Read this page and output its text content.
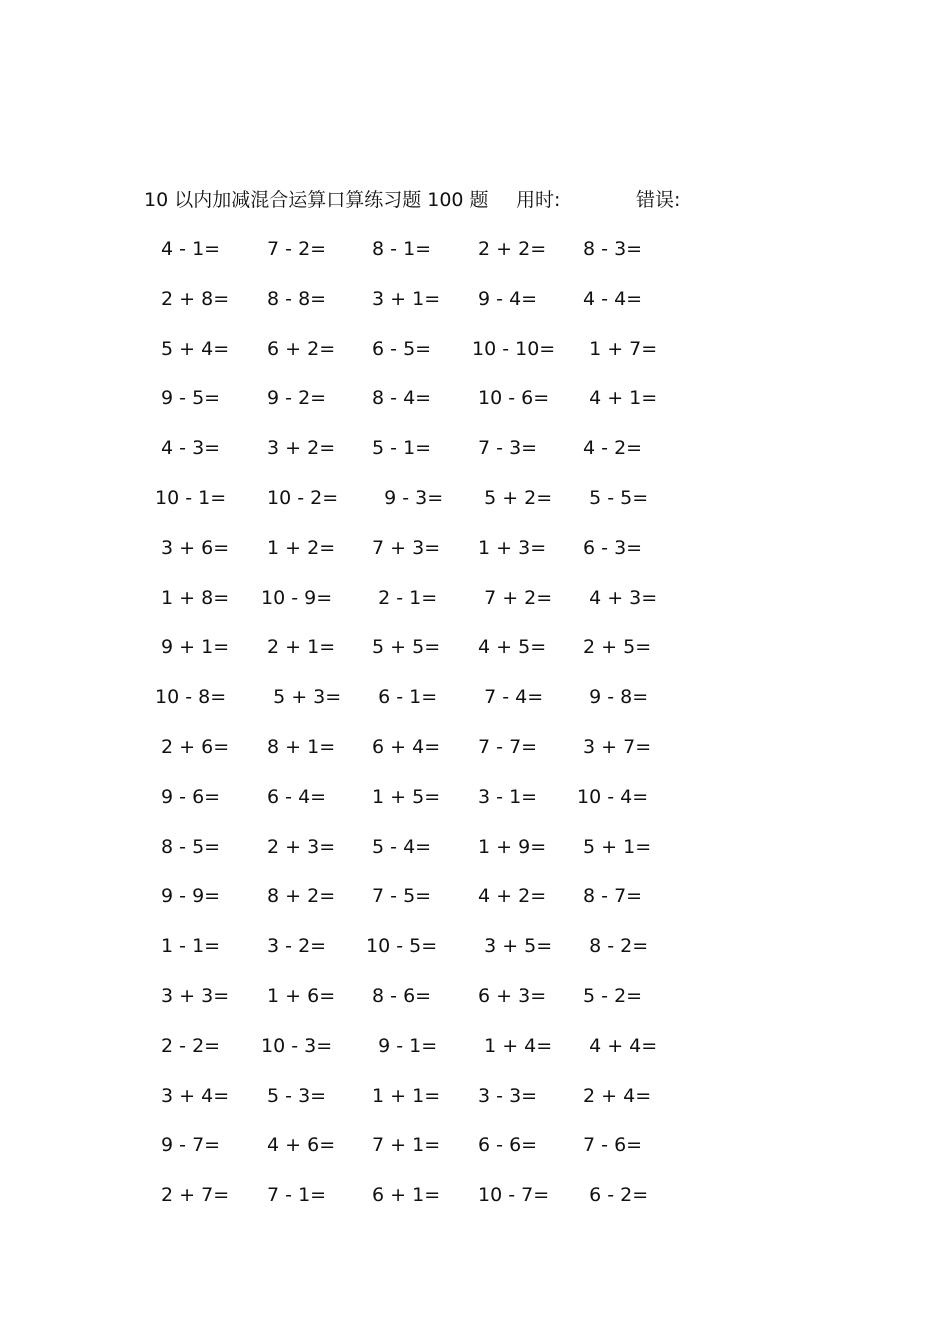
10 以内加减混合运算口算练习题 100 题 用时:	错误:
4 - 1= 7 - 2= 8 - 1= 2 + 2= 8 - 3=
2 + 8= 8 - 8= 3 + 1= 9 - 4= 4 - 4=
5 + 4= 6 + 2= 6 - 5= 10 - 10= 1 + 7=
9 - 5= 9 - 2= 8 - 4= 10 - 6= 4 + 1=
4 - 3= 3 + 2= 5 - 1= 7 - 3= 4 - 2=
10 - 1= 10 - 2= 9 - 3= 5 + 2= 5 - 5=
3 + 6= 1 + 2= 7 + 3= 1 + 3= 6 - 3=
1 + 8= 10 - 9= 2 - 1= 7 + 2= 4 + 3=
9 + 1= 2 + 1= 5 + 5= 4 + 5= 2 + 5=
10 - 8= 5 + 3= 6 - 1= 7 - 4= 9 - 8=
2 + 6= 8 + 1= 6 + 4= 7 - 7= 3 + 7=
9 - 6= 6 - 4= 1 + 5= 3 - 1= 10 - 4=
8 - 5= 2 + 3= 5 - 4= 1 + 9= 5 + 1=
9 - 9= 8 + 2= 7 - 5= 4 + 2= 8 - 7=
1 - 1= 3 - 2= 10 - 5= 3 + 5= 8 - 2=
3 + 3= 1 + 6= 8 - 6= 6 + 3= 5 - 2=
2 - 2= 10 - 3= 9 - 1= 1 + 4= 4 + 4=
3 + 4= 5 - 3= 1 + 1= 3 - 3= 2 + 4=
9 - 7= 4 + 6= 7 + 1= 6 - 6= 7 - 6=
2 + 7= 7 - 1= 6 + 1= 10 - 7= 6 - 2=
